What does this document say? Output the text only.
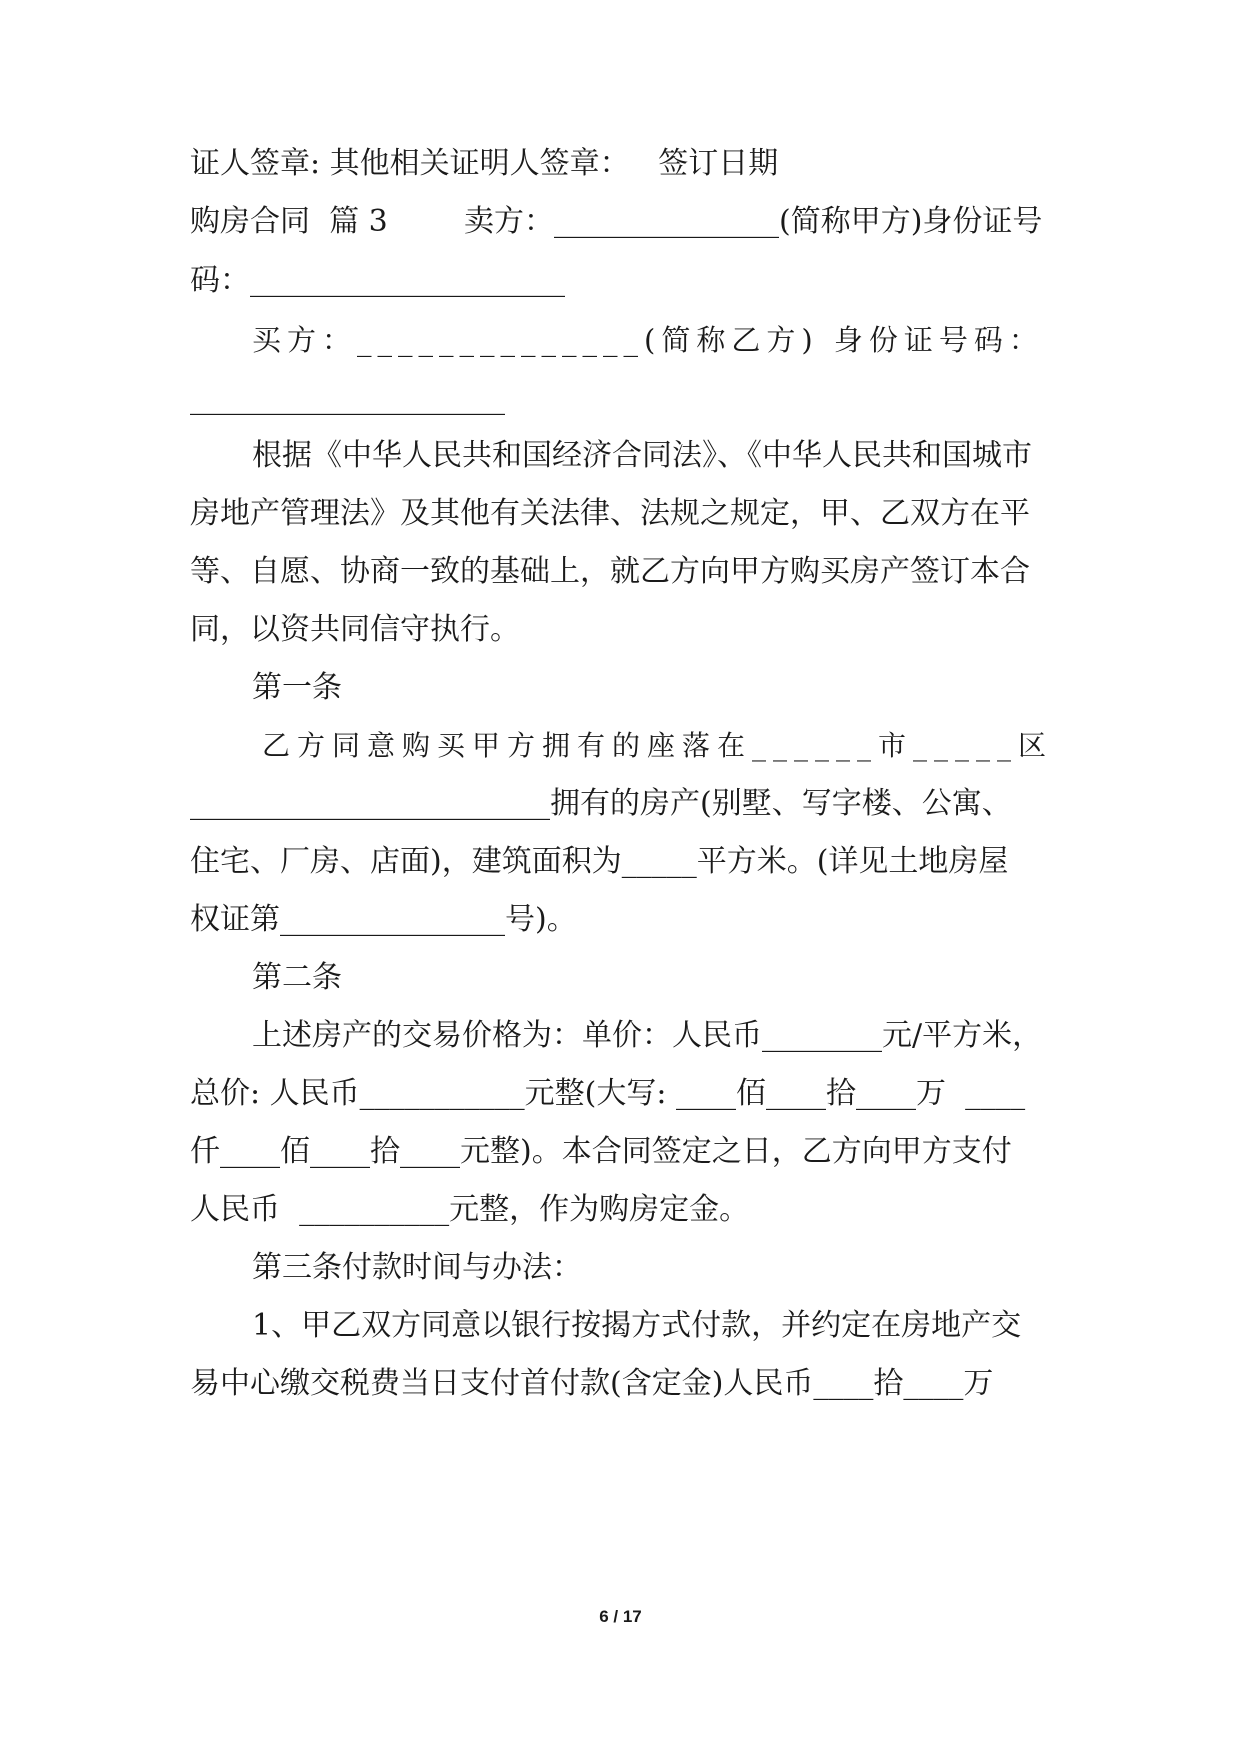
证人签章: 其他相关证明人签章：   签订日期
购房合同  篇 3        卖方：_______________(简称甲方)身份证号
码：_____________________
买方：______________(简称乙方) 身份证号码：
_____________________
根据《中华人民共和国经济合同法》、《中华人民共和国城市
房地产管理法》及其他有关法律、法规之规定，甲、乙双方在平
等、自愿、协商一致的基础上，就乙方向甲方购买房产签订本合
同，以资共同信守执行。
第一条
乙方同意购买甲方拥有的座落在______市_____区
________________________拥有的房产(别墅、写字楼、公寓、
住宅、厂房、店面)，建筑面积为_____平方米。(详见土地房屋
权证第_______________号)。
第二条
上述房产的交易价格为：单价：人民币________元/平方米，
总价: 人民币___________元整(大写: ____佰____拾____万  ____
仟____佰____拾____元整)。本合同签定之日，乙方向甲方支付
人民币  __________元整，作为购房定金。
第三条付款时间与办法：
1、甲乙双方同意以银行按揭方式付款，并约定在房地产交
易中心缴交税费当日支付首付款(含定金)人民币____拾____万
6 / 17
